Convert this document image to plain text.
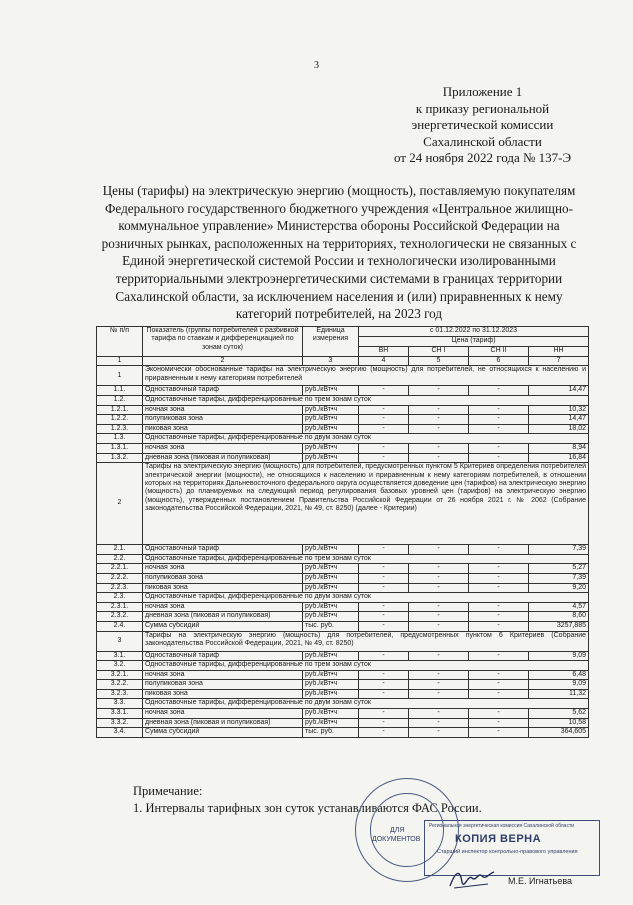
3
Приложение 1
к приказу региональной
энергетической комиссии
Сахалинской области
от 24 ноября 2022 года № 137-Э
Цены (тарифы) на электрическую энергию (мощность), поставляемую покупателям Федерального государственного бюджетного учреждения «Центральное жилищно-коммунальное управление» Министерства обороны Российской Федерации на розничных рынках, расположенных на территориях, технологически не связанных с Единой энергетической системой России и технологически изолированными территориальными электроэнергетическими системами в границах территории Сахалинской области, за исключением населения и (или) приравненных к нему категорий потребителей, на 2023 год
№ п/п	Показатель (группы потребителей с разбивкой тарифа по ставкам и дифференциацией по зонам суток)	Единица измерения	с 01.12.2022 по 31.12.2023			
			Цена (тариф)			
			ВН	СН I	СН II	НН
1	2	3	4	5	6	7
1	Экономически обоснованные тарифы на электрическую энергию (мощность) для потребителей, не относящихся к населению и приравненным к нему категориям потребителей					
1.1.	Одноставочный тариф	руб./кВт•ч	-	-	-	14,47
1.2.	Одноставочные тарифы, дифференцированные по трем зонам суток					
1.2.1.	ночная зона	руб./кВт•ч	-	-	-	10,32
1.2.2.	полупиковая зона	руб./кВт•ч	-	-	-	14,47
1.2.3.	пиковая зона	руб./кВт•ч	-	-	-	18,02
1.3.	Одноставочные тарифы, дифференцированные по двум зонам суток					
1.3.1.	ночная зона	руб./кВт•ч	-	-	-	8,94
1.3.2.	дневная зона (пиковая и полупиковая)	руб./кВт•ч	-	-	-	16,84
2	Тарифы на электрическую энергию (мощность) для потребителей, предусмотренных пунктом 5 Критериев определения потребителей электрической энергии (мощности), не относящихся к населению и приравненным к нему категориям потребителей, в отношении которых на территориях Дальневосточного федерального округа осуществляется доведение цен (тарифов) на электрическую энергию (мощность) до планируемых на следующий период регулирования базовых уровней цен (тарифов) на электрическую энергию (мощность), утвержденных постановлением Правительства Российской Федерации от 26 ноября 2021 г. № 2062 (Собрание законодательства Российской Федерации, 2021, № 49, ст. 8250) (далее - Критерии)					
2.1.	Одноставочный тариф	руб./кВт•ч	-	-	-	7,39
2.2.	Одноставочные тарифы, дифференцированные по трем зонам суток					
2.2.1.	ночная зона	руб./кВт•ч	-	-	-	5,27
2.2.2.	полупиковая зона	руб./кВт•ч	-	-	-	7,39
2.2.3.	пиковая зона	руб./кВт•ч	-	-	-	9,20
2.3.	Одноставочные тарифы, дифференцированные по двум зонам суток					
2.3.1.	ночная зона	руб./кВт•ч	-	-	-	4,57
2.3.2.	дневная зона (пиковая и полупиковая)	руб./кВт•ч	-	-	-	8,60
2.4.	Сумма субсидий	тыс. руб.	-	-	-	3257,885
3	Тарифы на электрическую энергию (мощность) для потребителей, предусмотренных пунктом 6 Критериев (Собрание законодательства Российской Федерации, 2021, № 49, ст. 8250)					
3.1.	Одноставочный тариф	руб./кВт•ч	-	-	-	9,09
3.2.	Одноставочные тарифы, дифференцированные по трем зонам суток					
3.2.1.	ночная зона	руб./кВт•ч	-	-	-	6,48
3.2.2.	полупиковая зона	руб./кВт•ч	-	-	-	9,09
3.2.3.	пиковая зона	руб./кВт•ч	-	-	-	11,32
3.3.	Одноставочные тарифы, дифференцированные по двум зонам суток					
3.3.1.	ночная зона	руб./кВт•ч	-	-	-	5,62
3.3.2.	дневная зона (пиковая и полупиковая)	руб./кВт•ч	-	-	-	10,58
3.4.	Сумма субсидий	тыс. руб.	-	-	-	364,605
Примечание:
1. Интервалы тарифных зон суток устанавливаются ФАС России.
ДЛЯ
ДОКУМЕНТОВ
Региональная энергетическая комиссия Сахалинской области
КОПИЯ ВЕРНА
Старший инспектор контрольно-правового управления
М.Е. Игнатьева
